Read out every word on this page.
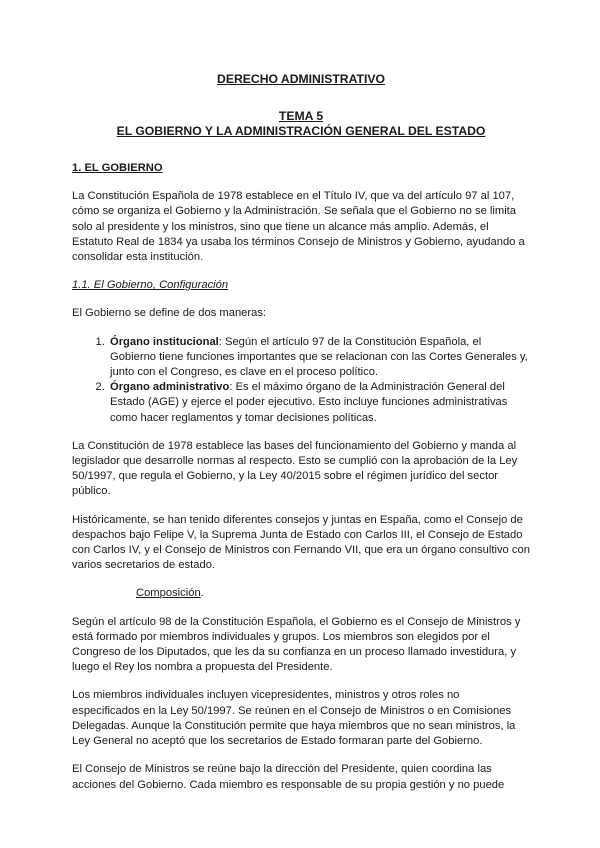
DERECHO ADMINISTRATIVO
TEMA 5
EL GOBIERNO Y LA ADMINISTRACIÓN GENERAL DEL ESTADO
1. EL GOBIERNO

La Constitución Española de 1978 establece en el Título IV, que va del artículo 97 al 107, cómo se organiza el Gobierno y la Administración. Se señala que el Gobierno no se limita solo al presidente y los ministros, sino que tiene un alcance más amplio. Además, el Estatuto Real de 1834 ya usaba los términos Consejo de Ministros y Gobierno, ayudando a consolidar esta institución.

1.1. El Gobierno, Configuración

El Gobierno se define de dos maneras:

1. Órgano institucional: Según el artículo 97 de la Constitución Española, el Gobierno tiene funciones importantes que se relacionan con las Cortes Generales y, junto con el Congreso, es clave en el proceso político.
2. Órgano administrativo: Es el máximo órgano de la Administración General del Estado (AGE) y ejerce el poder ejecutivo. Esto incluye funciones administrativas como hacer reglamentos y tomar decisiones políticas.

La Constitución de 1978 establece las bases del funcionamiento del Gobierno y manda al legislador que desarrolle normas al respecto. Esto se cumplió con la aprobación de la Ley 50/1997, que regula el Gobierno, y la Ley 40/2015 sobre el régimen jurídico del sector público.

Históricamente, se han tenido diferentes consejos y juntas en España, como el Consejo de despachos bajo Felipe V, la Suprema Junta de Estado con Carlos III, el Consejo de Estado con Carlos IV, y el Consejo de Ministros con Fernando VII, que era un órgano consultivo con varios secretarios de estado.

Composición.

Según el artículo 98 de la Constitución Española, el Gobierno es el Consejo de Ministros y está formado por miembros individuales y grupos. Los miembros son elegidos por el Congreso de los Diputados, que les da su confianza en un proceso llamado investidura, y luego el Rey los nombra a propuesta del Presidente.

Los miembros individuales incluyen vicepresidentes, ministros y otros roles no especificados en la Ley 50/1997. Se reúnen en el Consejo de Ministros o en Comisiones Delegadas. Aunque la Constitución permite que haya miembros que no sean ministros, la Ley General no aceptó que los secretarios de Estado formaran parte del Gobierno.

El Consejo de Ministros se reúne bajo la dirección del Presidente, quien coordina las acciones del Gobierno. Cada miembro es responsable de su propia gestión y no puede
